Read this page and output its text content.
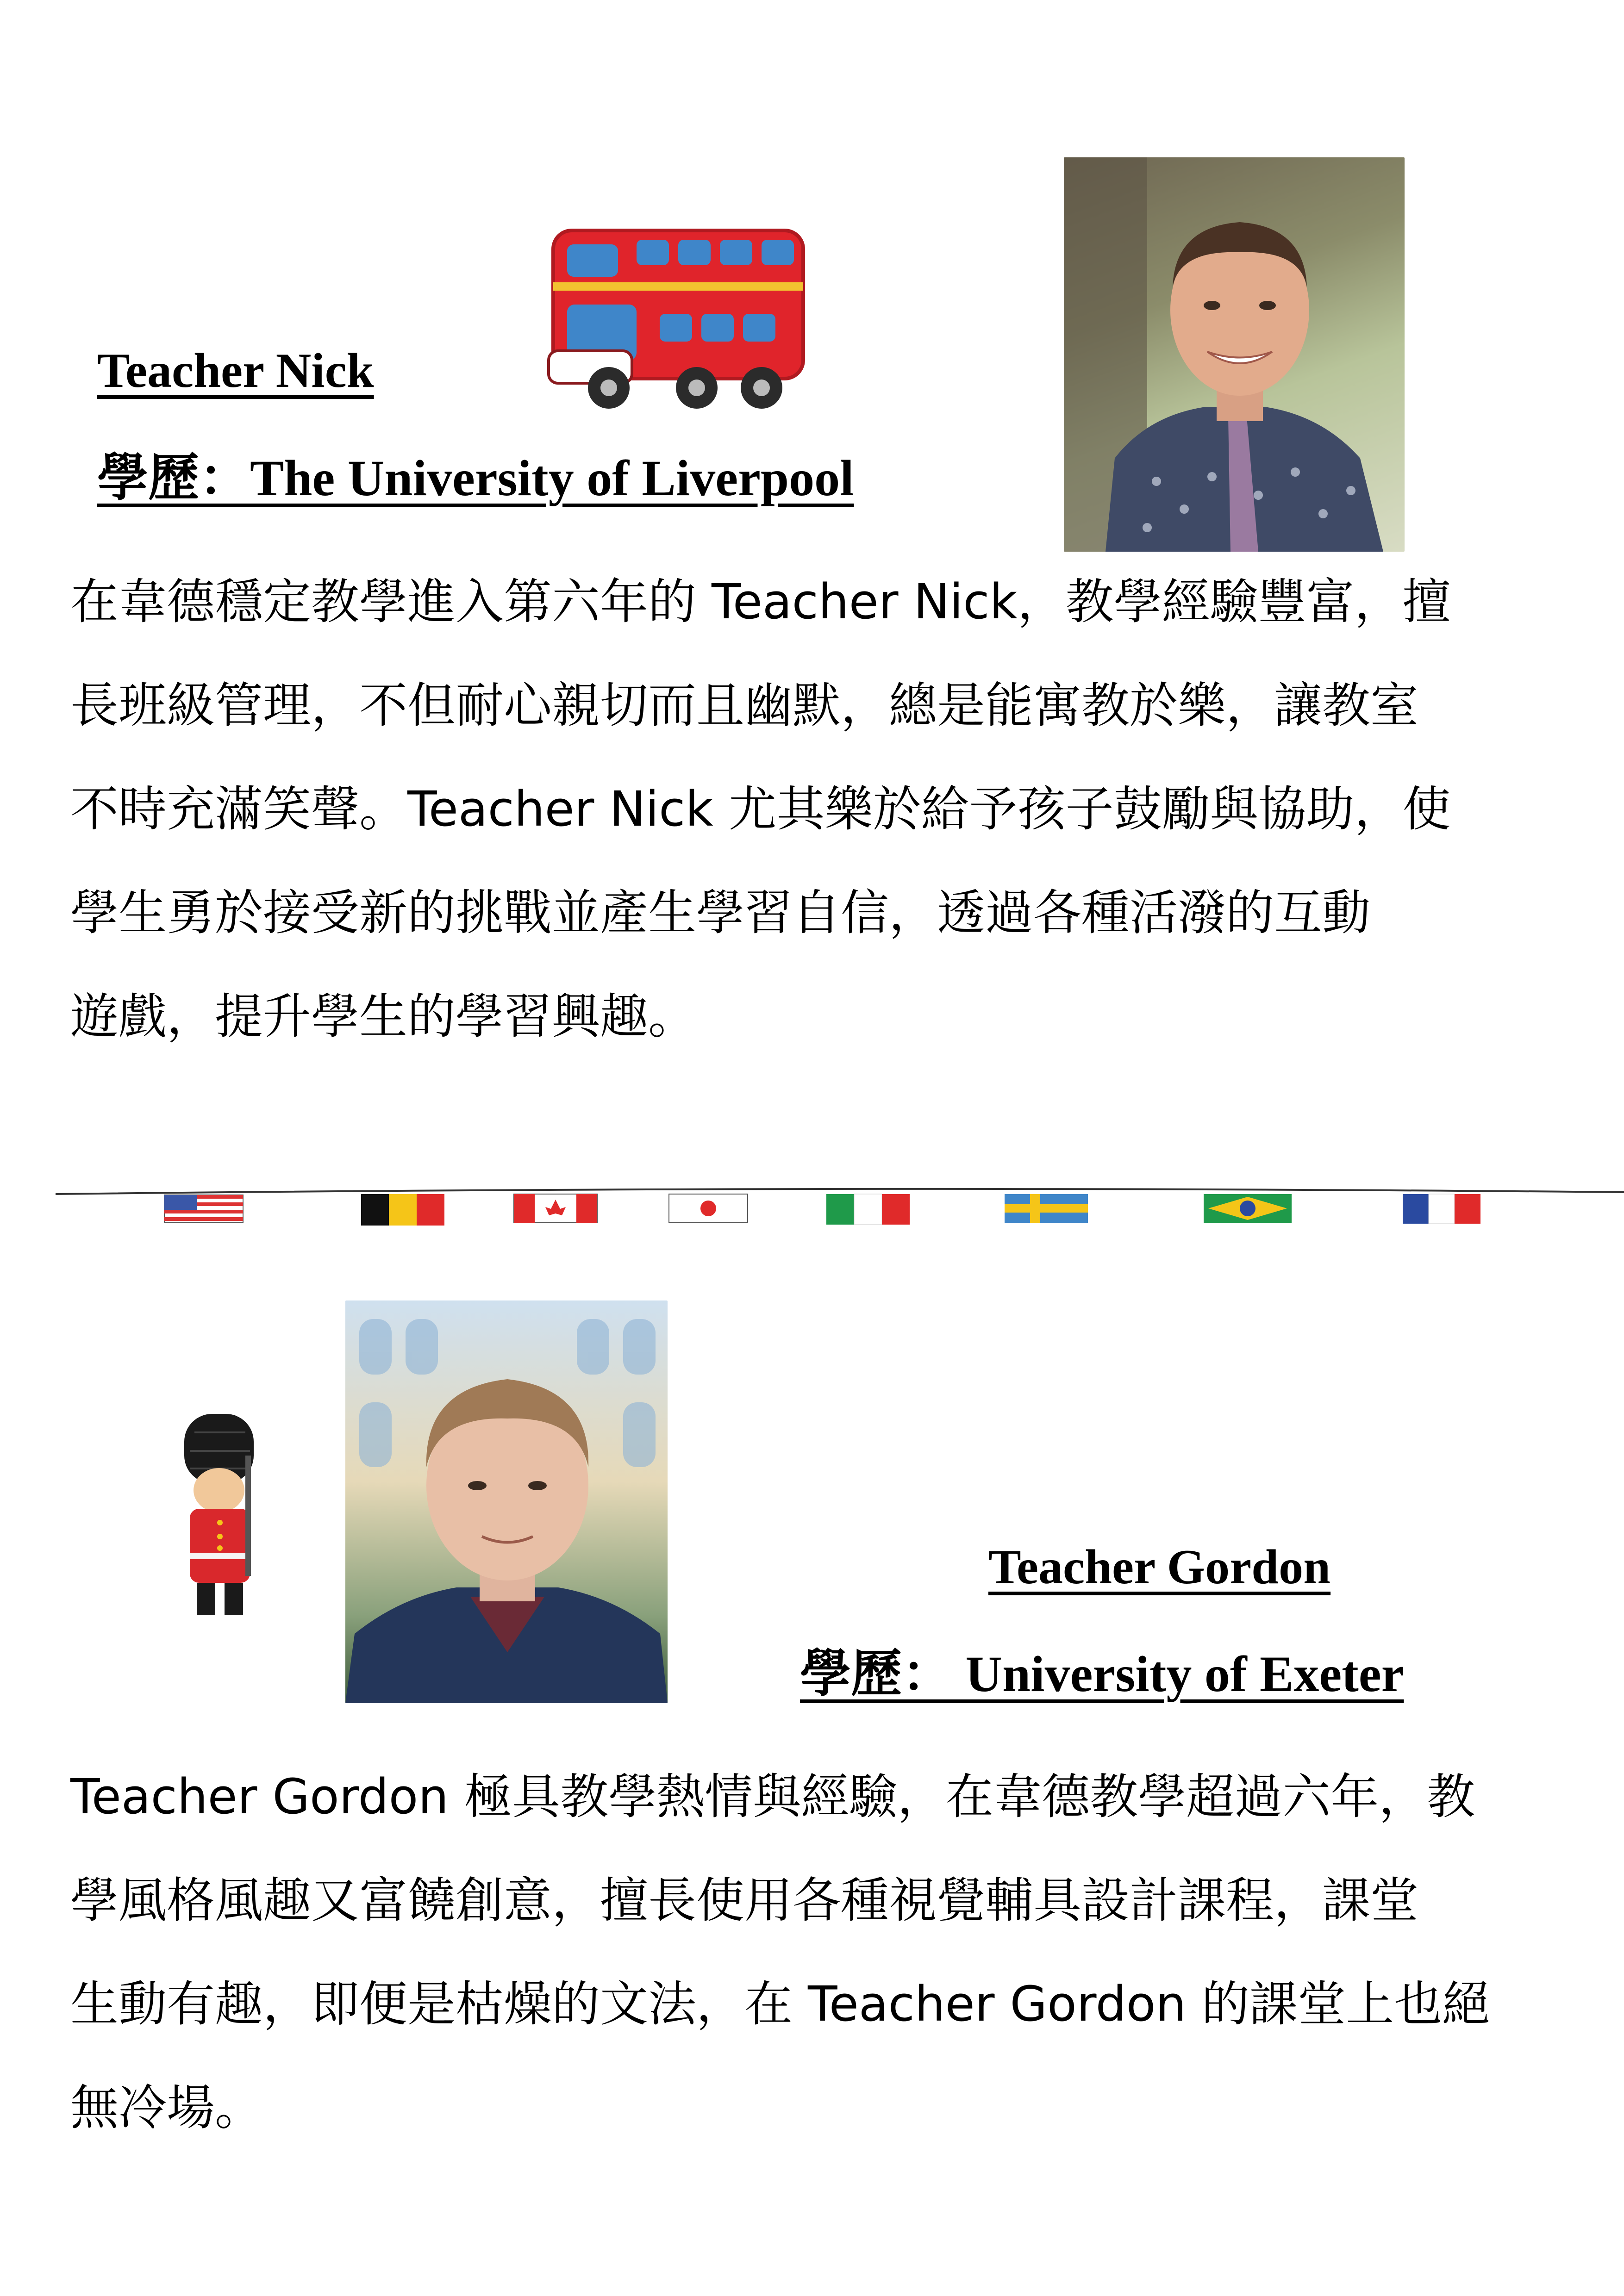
Teacher Nick

學歷：The University of Liverpool

在韋德穩定教學進入第六年的 Teacher Nick，教學經驗豐富，擅

長班級管理，不但耐心親切而且幽默，總是能寓教於樂，讓教室

不時充滿笑聲。Teacher Nick 尤其樂於給予孩子鼓勵與協助，使

學生勇於接受新的挑戰並產生學習自信，透過各種活潑的互動

遊戲，提升學生的學習興趣。

Teacher Gordon

學歷： University of Exeter

Teacher Gordon 極具教學熱情與經驗，在韋德教學超過六年，教

學風格風趣又富饒創意，擅長使用各種視覺輔具設計課程，課堂

生動有趣，即便是枯燥的文法，在 Teacher Gordon 的課堂上也絕

無冷場。
